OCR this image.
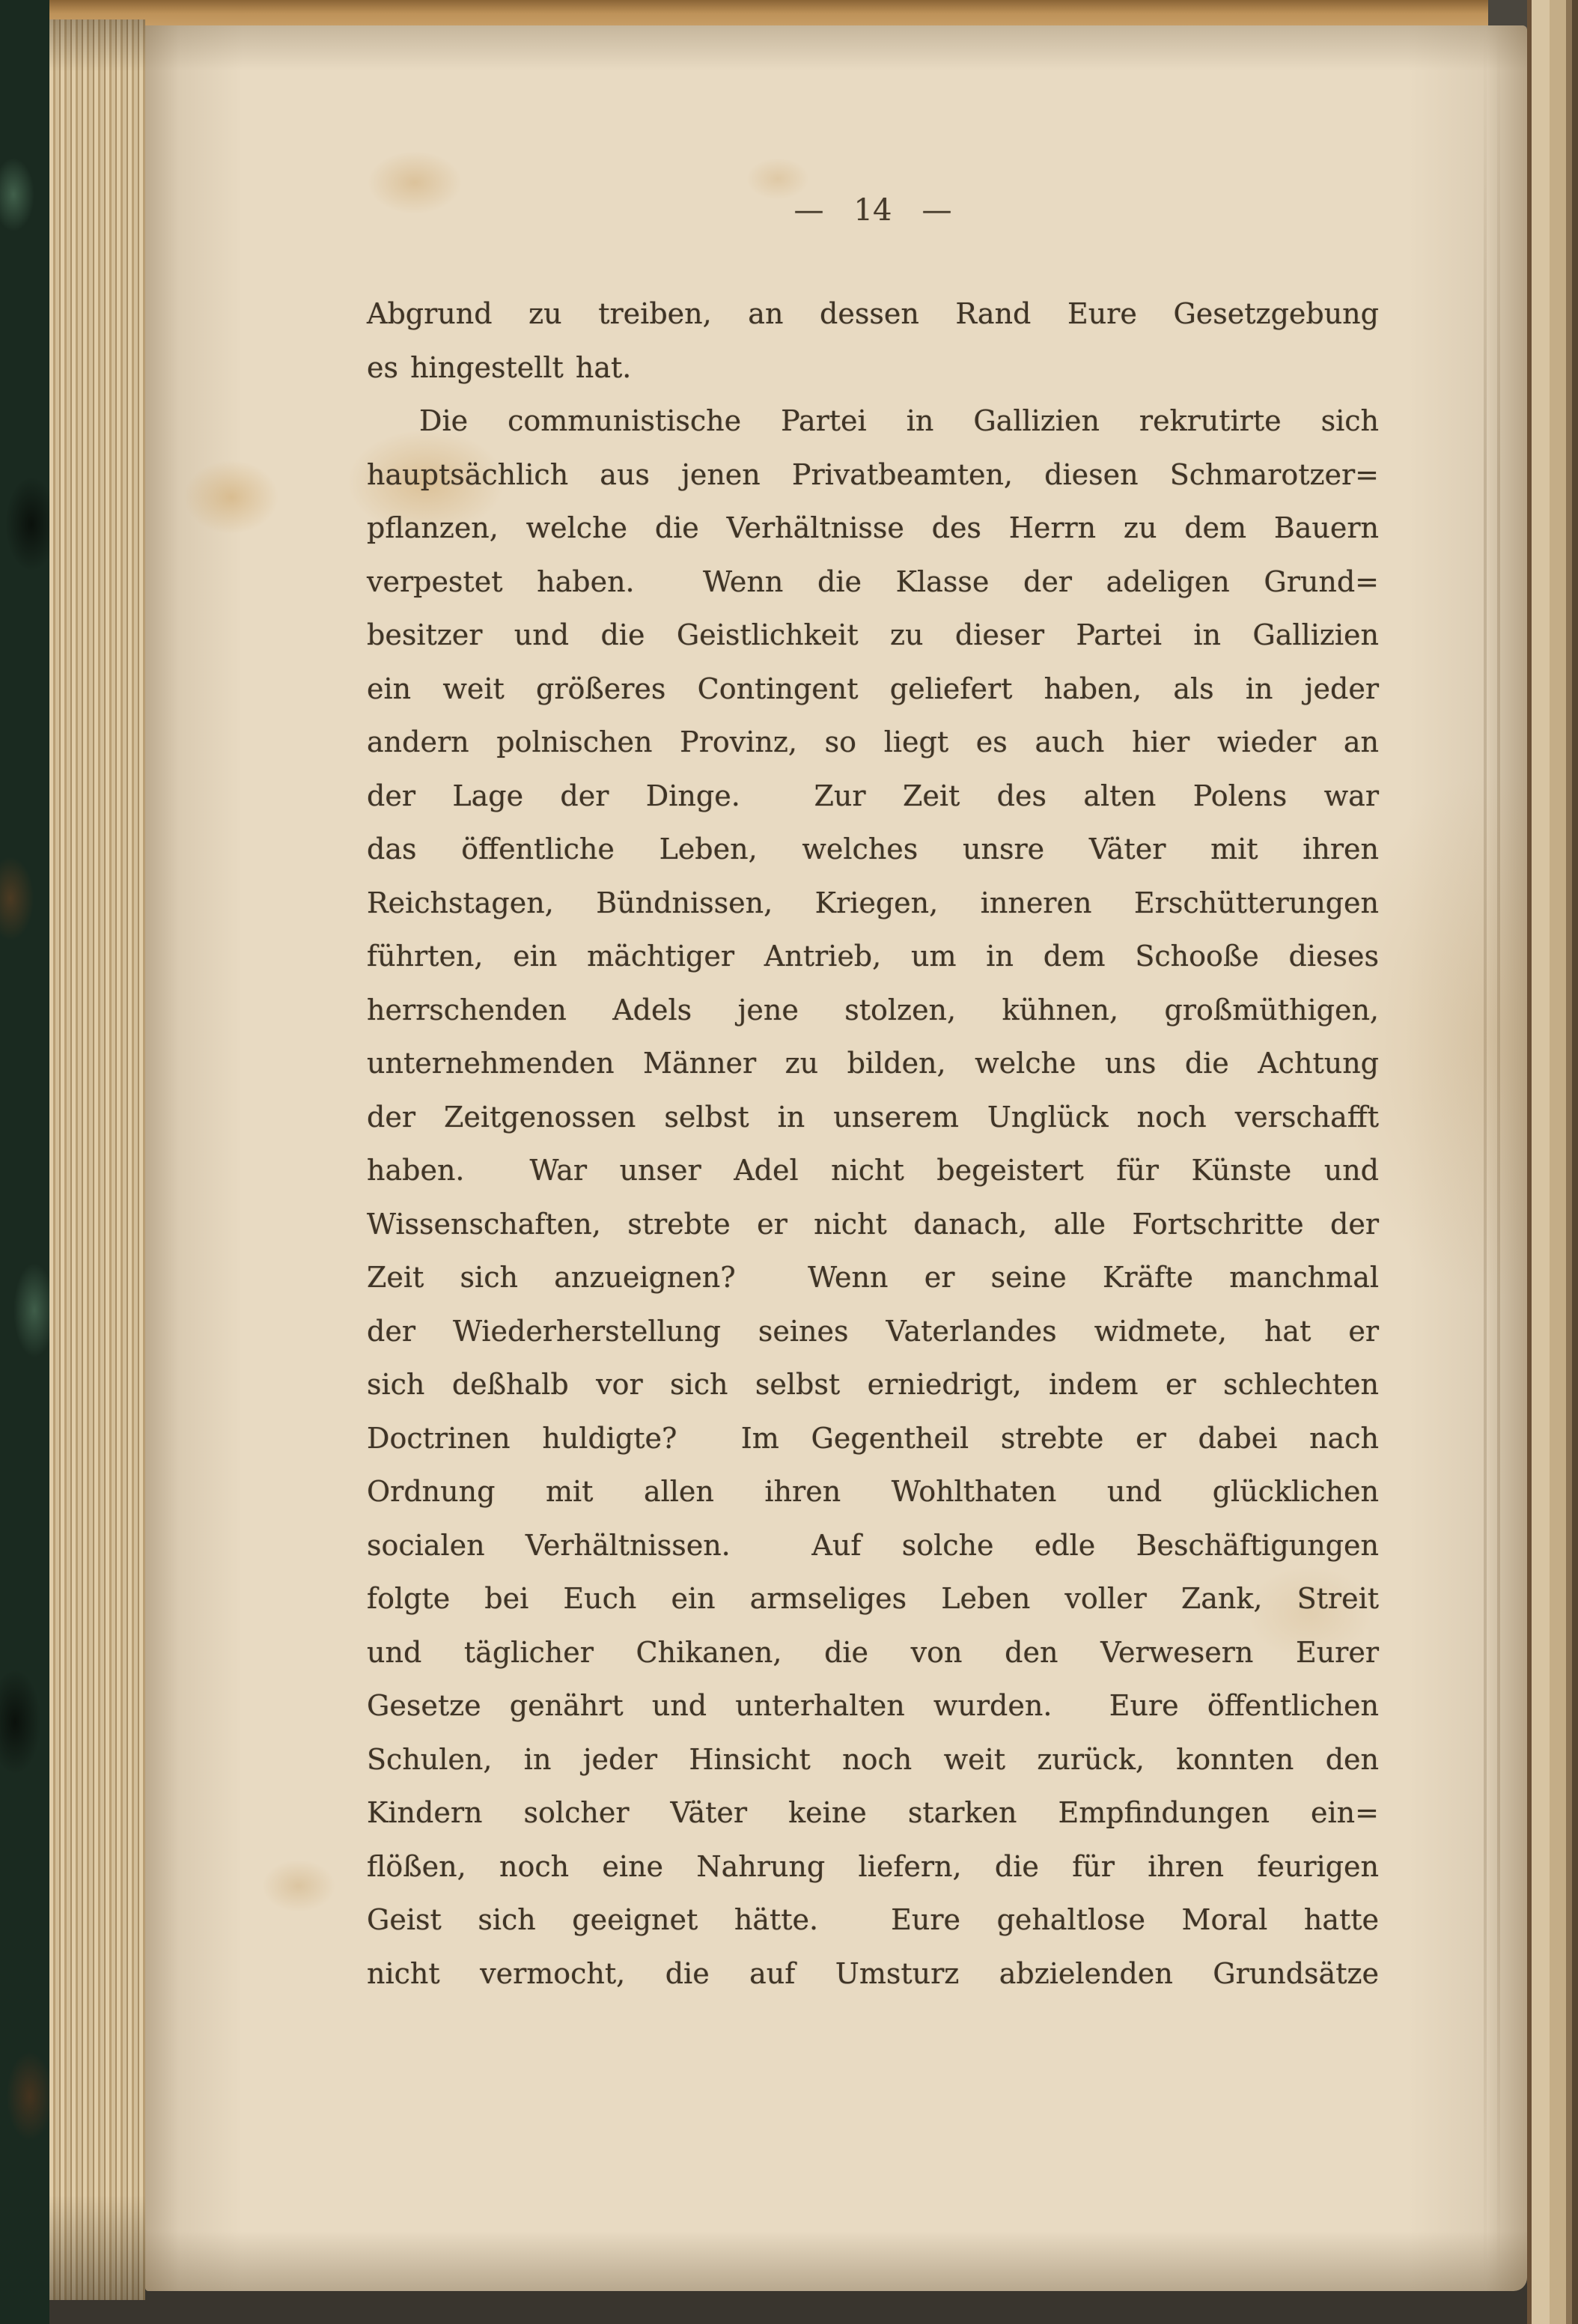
— 14 —
Abgrund zu treiben, an dessen Rand Eure Gesetzgebung
es hingestellt hat.
Die communistische Partei in Gallizien rekrutirte sich
hauptsächlich aus jenen Privatbeamten, diesen Schmarotzer=
pflanzen, welche die Verhältnisse des Herrn zu dem Bauern
verpestet haben.  Wenn die Klasse der adeligen Grund=
besitzer und die Geistlichkeit zu dieser Partei in Gallizien
ein weit größeres Contingent geliefert haben, als in jeder
andern polnischen Provinz, so liegt es auch hier wieder an
der Lage der Dinge.  Zur Zeit des alten Polens war
das öffentliche Leben, welches unsre Väter mit ihren
Reichstagen, Bündnissen, Kriegen, inneren Erschütterungen
führten, ein mächtiger Antrieb, um in dem Schooße dieses
herrschenden Adels jene stolzen, kühnen, großmüthigen,
unternehmenden Männer zu bilden, welche uns die Achtung
der Zeitgenossen selbst in unserem Unglück noch verschafft
haben.  War unser Adel nicht begeistert für Künste und
Wissenschaften, strebte er nicht danach, alle Fortschritte der
Zeit sich anzueignen?  Wenn er seine Kräfte manchmal
der Wiederherstellung seines Vaterlandes widmete, hat er
sich deßhalb vor sich selbst erniedrigt, indem er schlechten
Doctrinen huldigte?  Im Gegentheil strebte er dabei nach
Ordnung mit allen ihren Wohlthaten und glücklichen
socialen Verhältnissen.  Auf solche edle Beschäftigungen
folgte bei Euch ein armseliges Leben voller Zank, Streit
und täglicher Chikanen, die von den Verwesern Eurer
Gesetze genährt und unterhalten wurden.  Eure öffentlichen
Schulen, in jeder Hinsicht noch weit zurück, konnten den
Kindern solcher Väter keine starken Empfindungen ein=
flößen, noch eine Nahrung liefern, die für ihren feurigen
Geist sich geeignet hätte.  Eure gehaltlose Moral hatte
nicht vermocht, die auf Umsturz abzielenden Grundsätze
